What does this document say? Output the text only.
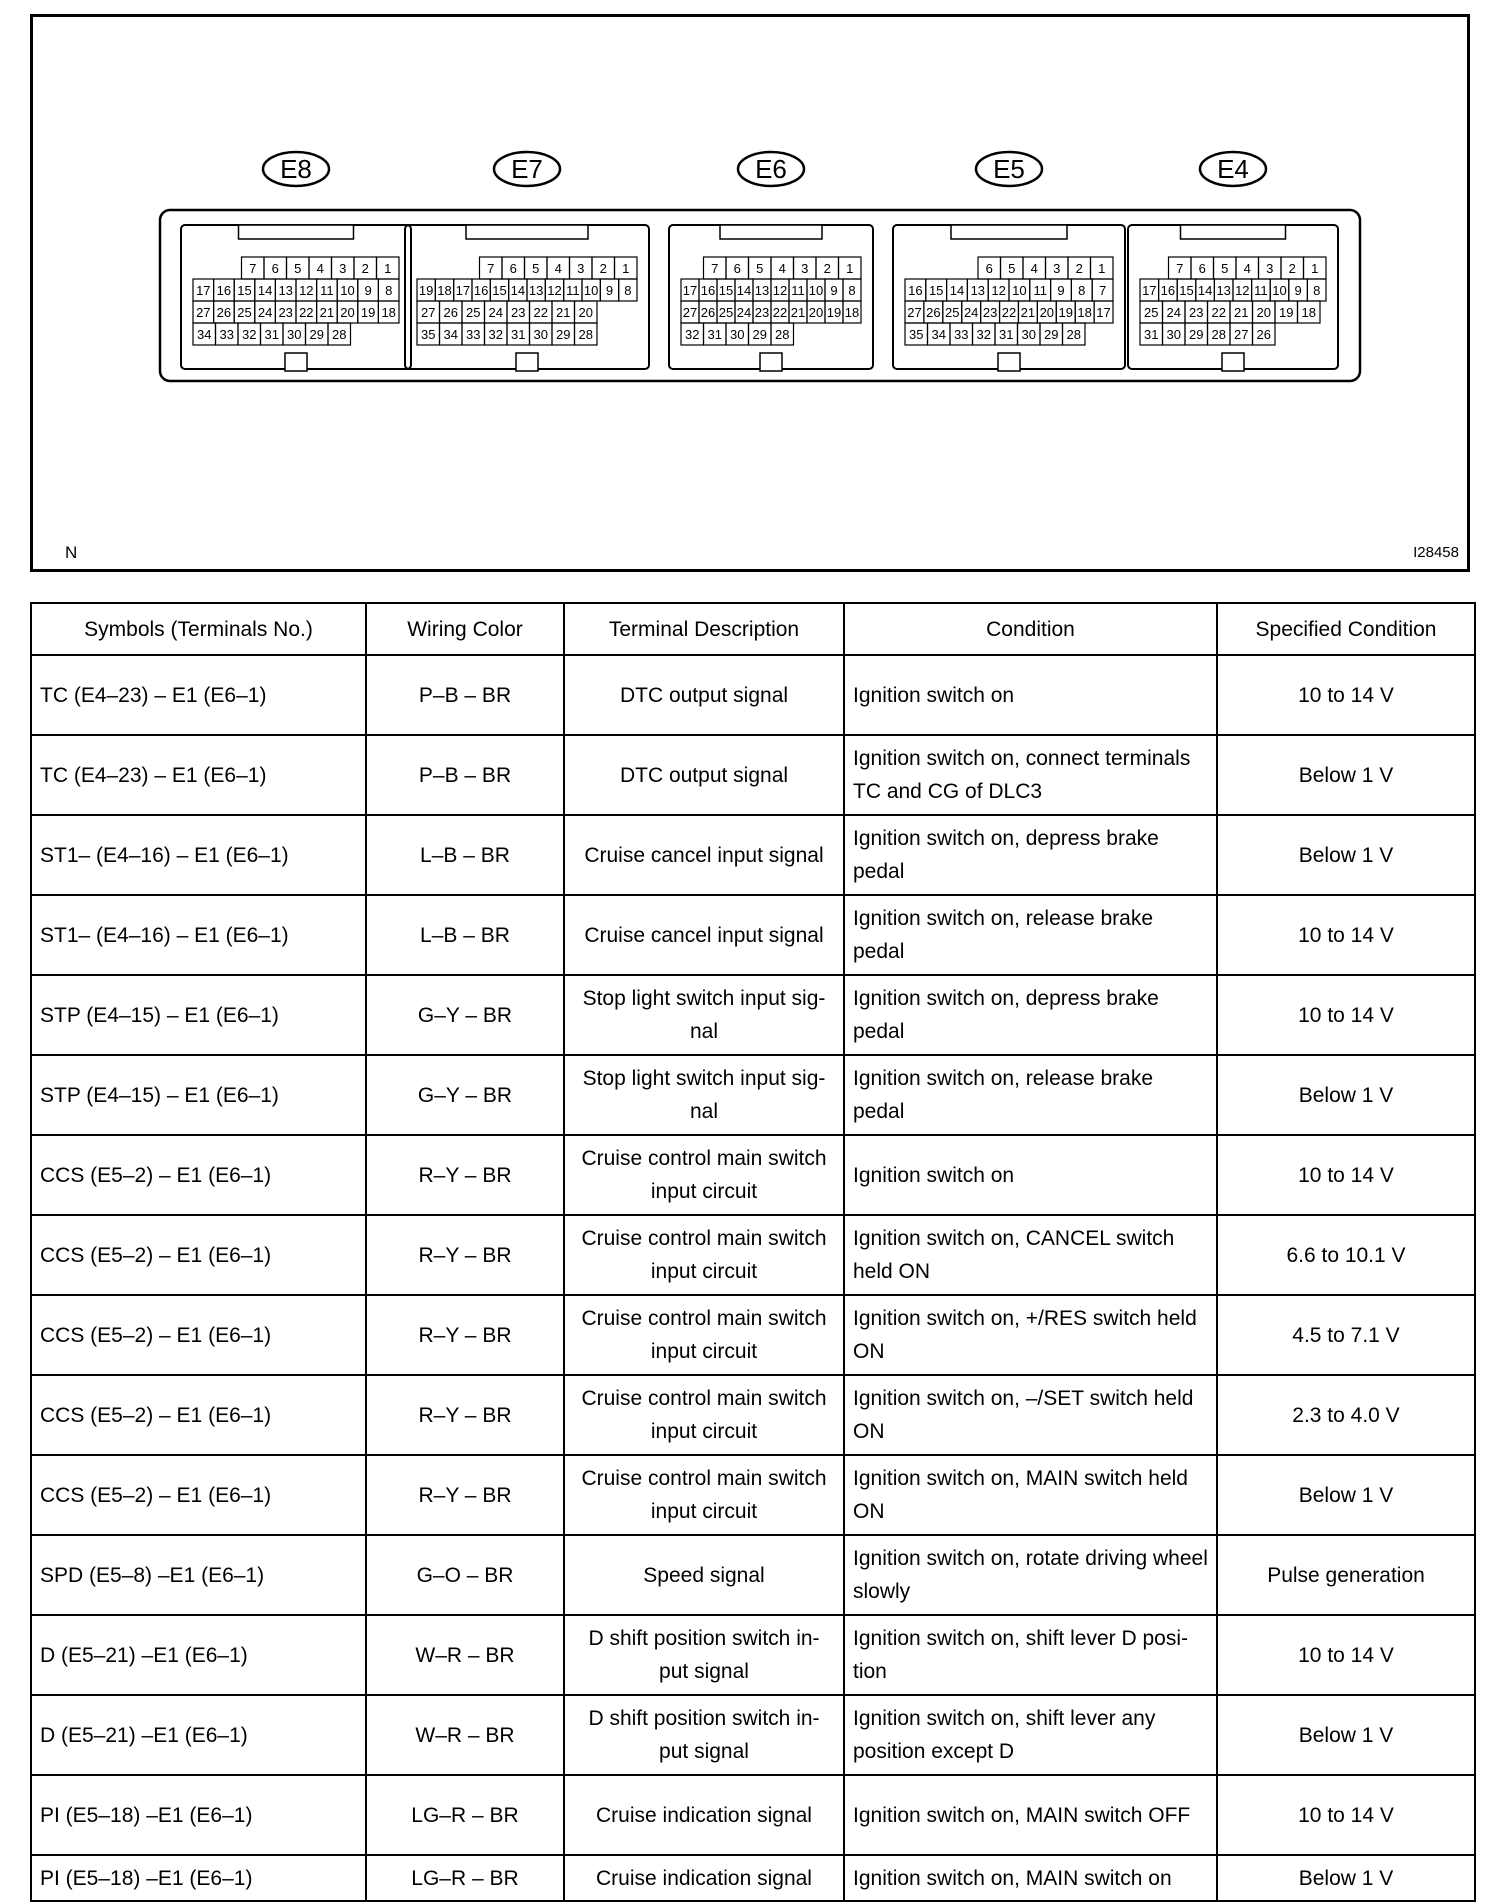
E8
7 6 5 4 3 2 1
17 16 15 14 13 12 11 10 9 8
27 26 25 24 23 22 21 20 19 18
34 33 32 31 30 29 28
E7
7 6 5 4 3 2 1
19 18 17 16 15 14 13 12 11 10 9 8
27 26 25 24 23 22 21 20
35 34 33 32 31 30 29 28
E6
7 6 5 4 3 2 1
17 16 15 14 13 12 11 10 9 8
27 26 25 24 23 22 21 20 19 18
32 31 30 29 28
E5
6 5 4 3 2 1
16 15 14 13 12 10 11 9 8 7
27 26 25 24 23 22 21 20 19 18 17
35 34 33 32 31 30 29 28
E4
7 6 5 4 3 2 1
17 16 15 14 13 12 11 10 9 8
25 24 23 22 21 20 19 18
31 30 29 28 27 26
N	I28458
Symbols (Terminals No.)	Wiring Color	Terminal Description	Condition	Specified Condition
TC (E4–23) – E1 (E6–1)	P–B – BR	DTC output signal	Ignition switch on	10 to 14 V
TC (E4–23) – E1 (E6–1)	P–B – BR	DTC output signal	Ignition switch on, connect terminals TC and CG of DLC3	Below 1 V
ST1– (E4–16) – E1 (E6–1)	L–B – BR	Cruise cancel input signal	Ignition switch on, depress brake pedal	Below 1 V
ST1– (E4–16) – E1 (E6–1)	L–B – BR	Cruise cancel input signal	Ignition switch on, release brake pedal	10 to 14 V
STP (E4–15) – E1 (E6–1)	G–Y – BR	Stop light switch input sig- nal	Ignition switch on, depress brake pedal	10 to 14 V
STP (E4–15) – E1 (E6–1)	G–Y – BR	Stop light switch input sig- nal	Ignition switch on, release brake pedal	Below 1 V
CCS (E5–2) – E1 (E6–1)	R–Y – BR	Cruise control main switch input circuit	Ignition switch on	10 to 14 V
CCS (E5–2) – E1 (E6–1)	R–Y – BR	Cruise control main switch input circuit	Ignition switch on, CANCEL switch held ON	6.6 to 10.1 V
CCS (E5–2) – E1 (E6–1)	R–Y – BR	Cruise control main switch input circuit	Ignition switch on, +/RES switch held ON	4.5 to 7.1 V
CCS (E5–2) – E1 (E6–1)	R–Y – BR	Cruise control main switch input circuit	Ignition switch on, –/SET switch held ON	2.3 to 4.0 V
CCS (E5–2) – E1 (E6–1)	R–Y – BR	Cruise control main switch input circuit	Ignition switch on, MAIN switch held ON	Below 1 V
SPD (E5–8) –E1 (E6–1)	G–O – BR	Speed signal	Ignition switch on, rotate driving wheel slowly	Pulse generation
D (E5–21) –E1 (E6–1)	W–R – BR	D shift position switch in- put signal	Ignition switch on, shift lever D posi- tion	10 to 14 V
D (E5–21) –E1 (E6–1)	W–R – BR	D shift position switch in- put signal	Ignition switch on, shift lever any position except D	Below 1 V
PI (E5–18) –E1 (E6–1)	LG–R – BR	Cruise indication signal	Ignition switch on, MAIN switch OFF	10 to 14 V
PI (E5–18) –E1 (E6–1)	LG–R – BR	Cruise indication signal	Ignition switch on, MAIN switch on	Below 1 V
